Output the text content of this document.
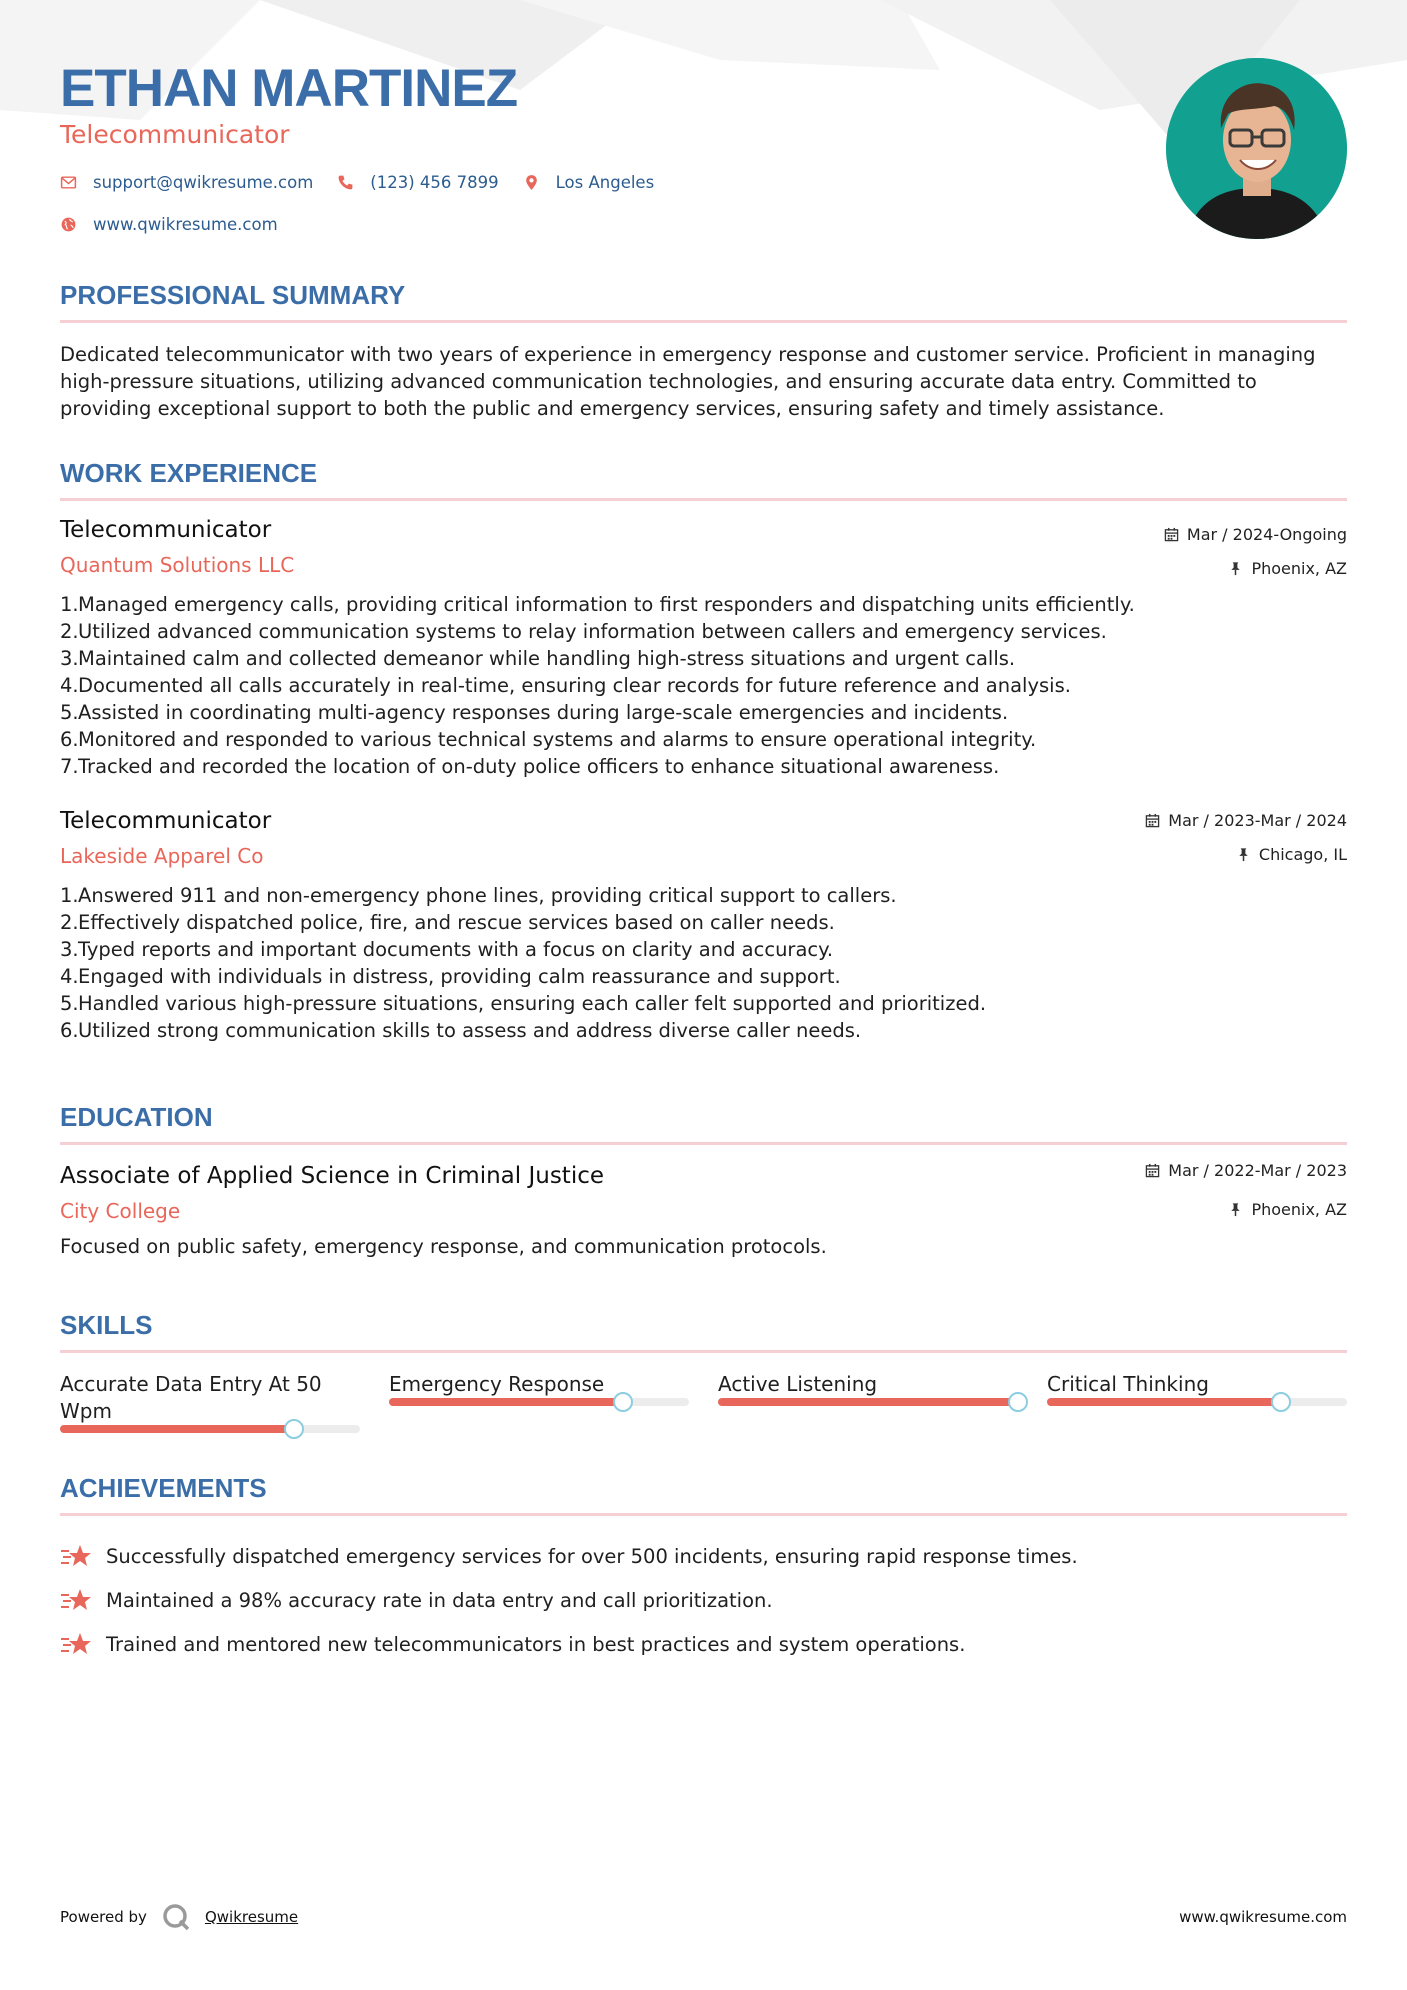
ETHAN MARTINEZ
Telecommunicator
support@qwikresume.com	(123) 456 7899	Los Angeles
www.qwikresume.com
PROFESSIONAL SUMMARY
Dedicated telecommunicator with two years of experience in emergency response and customer service. Proficient in managing high-pressure situations, utilizing advanced communication technologies, and ensuring accurate data entry. Committed to providing exceptional support to both the public and emergency services, ensuring safety and timely assistance.
WORK EXPERIENCE
Telecommunicator
Quantum Solutions LLC
Mar / 2024-Ongoing
Phoenix, AZ
1. Managed emergency calls, providing critical information to first responders and dispatching units efficiently.
2. Utilized advanced communication systems to relay information between callers and emergency services.
3. Maintained calm and collected demeanor while handling high-stress situations and urgent calls.
4. Documented all calls accurately in real-time, ensuring clear records for future reference and analysis.
5. Assisted in coordinating multi-agency responses during large-scale emergencies and incidents.
6. Monitored and responded to various technical systems and alarms to ensure operational integrity.
7. Tracked and recorded the location of on-duty police officers to enhance situational awareness.
Telecommunicator
Lakeside Apparel Co
Mar / 2023-Mar / 2024
Chicago, IL
1. Answered 911 and non-emergency phone lines, providing critical support to callers.
2. Effectively dispatched police, fire, and rescue services based on caller needs.
3. Typed reports and important documents with a focus on clarity and accuracy.
4. Engaged with individuals in distress, providing calm reassurance and support.
5. Handled various high-pressure situations, ensuring each caller felt supported and prioritized.
6. Utilized strong communication skills to assess and address diverse caller needs.
EDUCATION
Associate of Applied Science in Criminal Justice
City College
Mar / 2022-Mar / 2023
Phoenix, AZ
Focused on public safety, emergency response, and communication protocols.
SKILLS
Accurate Data Entry At 50 Wpm
Emergency Response	Active Listening	Critical Thinking
ACHIEVEMENTS
Successfully dispatched emergency services for over 500 incidents, ensuring rapid response times.
Maintained a 98% accuracy rate in data entry and call prioritization.
Trained and mentored new telecommunicators in best practices and system operations.
Powered by	Qwikresume	www.qwikresume.com
